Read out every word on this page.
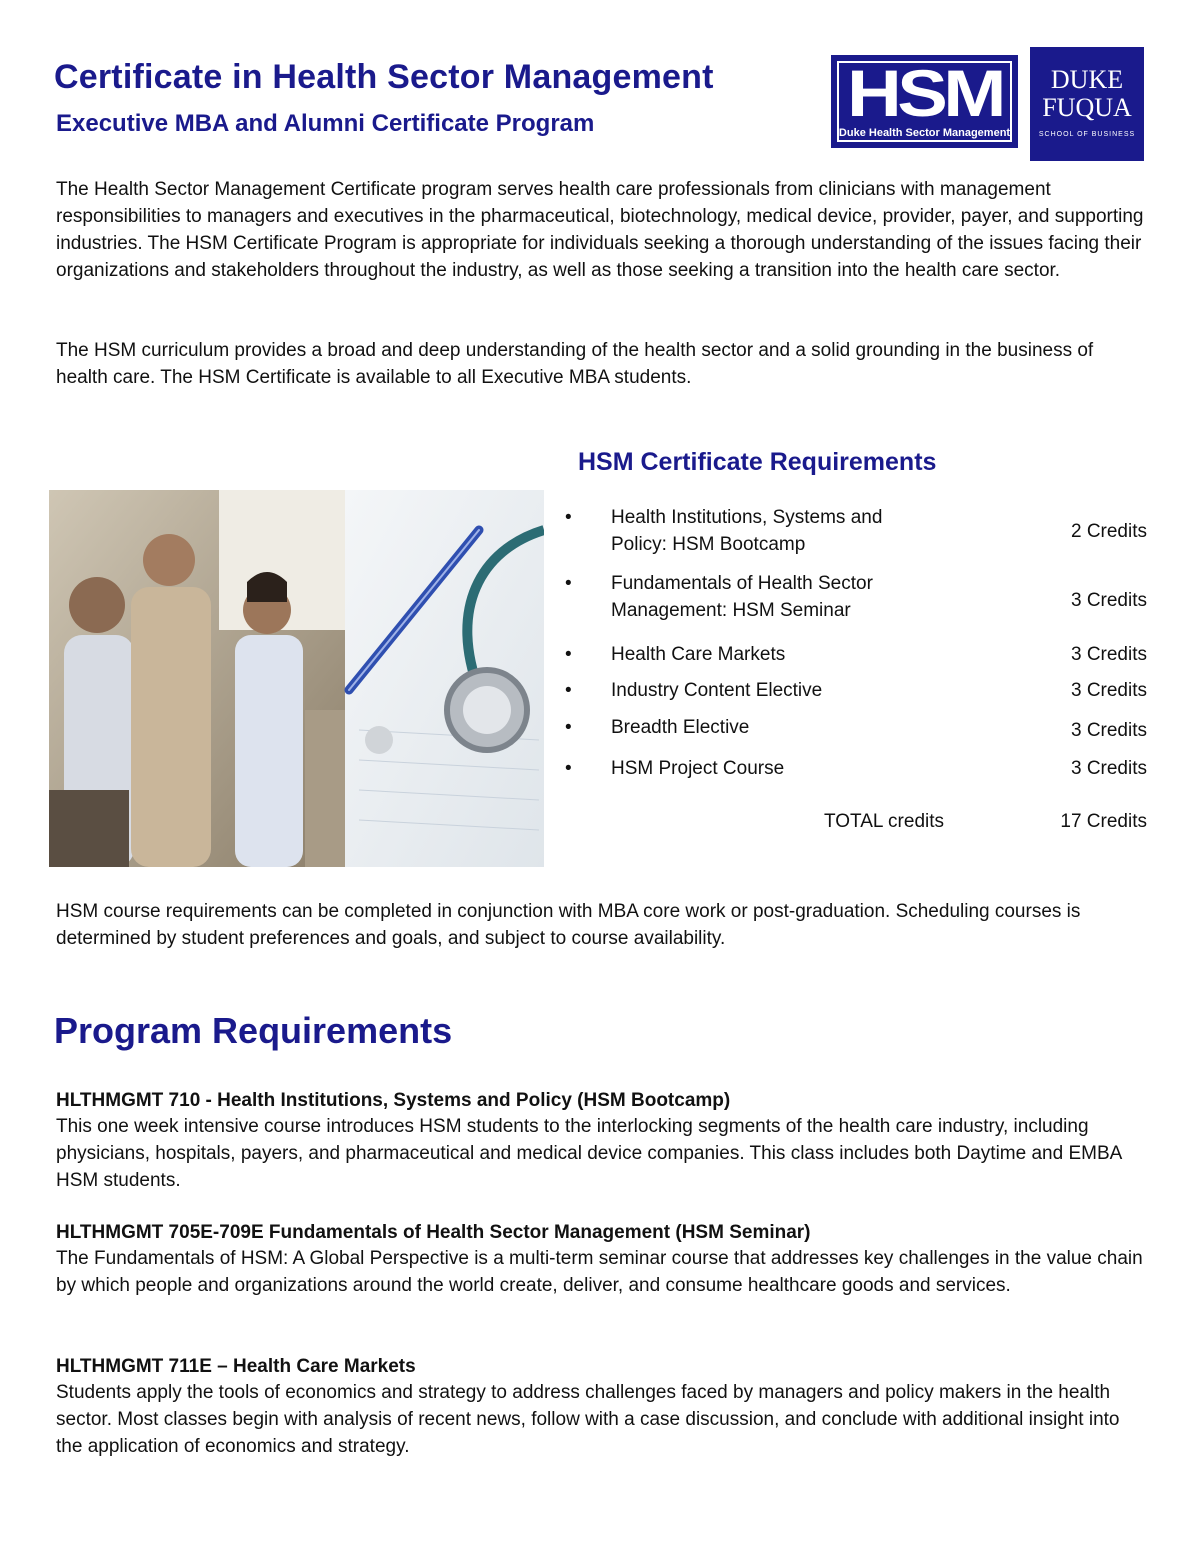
Certificate in Health Sector Management
Executive MBA and Alumni Certificate Program	HSM
Duke Health Sector Management
DUKE
FUQUA
SCHOOL OF BUSINESS

The Health Sector Management Certificate program serves health care professionals from clinicians with management responsibilities to managers and executives in the pharmaceutical, biotechnology, medical device, provider, payer, and supporting industries. The HSM Certificate Program is appropriate for individuals seeking a thorough understanding of the issues facing their organizations and stakeholders throughout the industry, as well as those seeking a transition into the health care sector.

The HSM curriculum provides a broad and deep understanding of the health sector and a solid grounding in the business of health care. The HSM Certificate is available to all Executive MBA students.

HSM Certificate Requirements
• Health Institutions, Systems and Policy: HSM Bootcamp
2 Credits
• Fundamentals of Health Sector Management: HSM Seminar	3 Credits
• Health Care Markets	3 Credits
• Industry Content Elective	3 Credits
• Breadth Elective	3 Credits
• HSM Project Course	3 Credits
TOTAL credits	17 Credits

HSM course requirements can be completed in conjunction with MBA core work or post-graduation. Scheduling courses is determined by student preferences and goals, and subject to course availability.

Program Requirements

HLTHMGMT 710 - Health Institutions, Systems and Policy (HSM Bootcamp)

This one week intensive course introduces HSM students to the interlocking segments of the health care industry, including physicians, hospitals, payers, and pharmaceutical and medical device companies. This class includes both Daytime and EMBA HSM students.

HLTHMGMT 705E-709E Fundamentals of Health Sector Management (HSM Seminar)

The Fundamentals of HSM: A Global Perspective is a multi-term seminar course that addresses key challenges in the value chain by which people and organizations around the world create, deliver, and consume healthcare goods and services.

HLTHMGMT 711E – Health Care Markets

Students apply the tools of economics and strategy to address challenges faced by managers and policy makers in the health sector. Most classes begin with analysis of recent news, follow with a case discussion, and conclude with additional insight into the application of economics and strategy.
